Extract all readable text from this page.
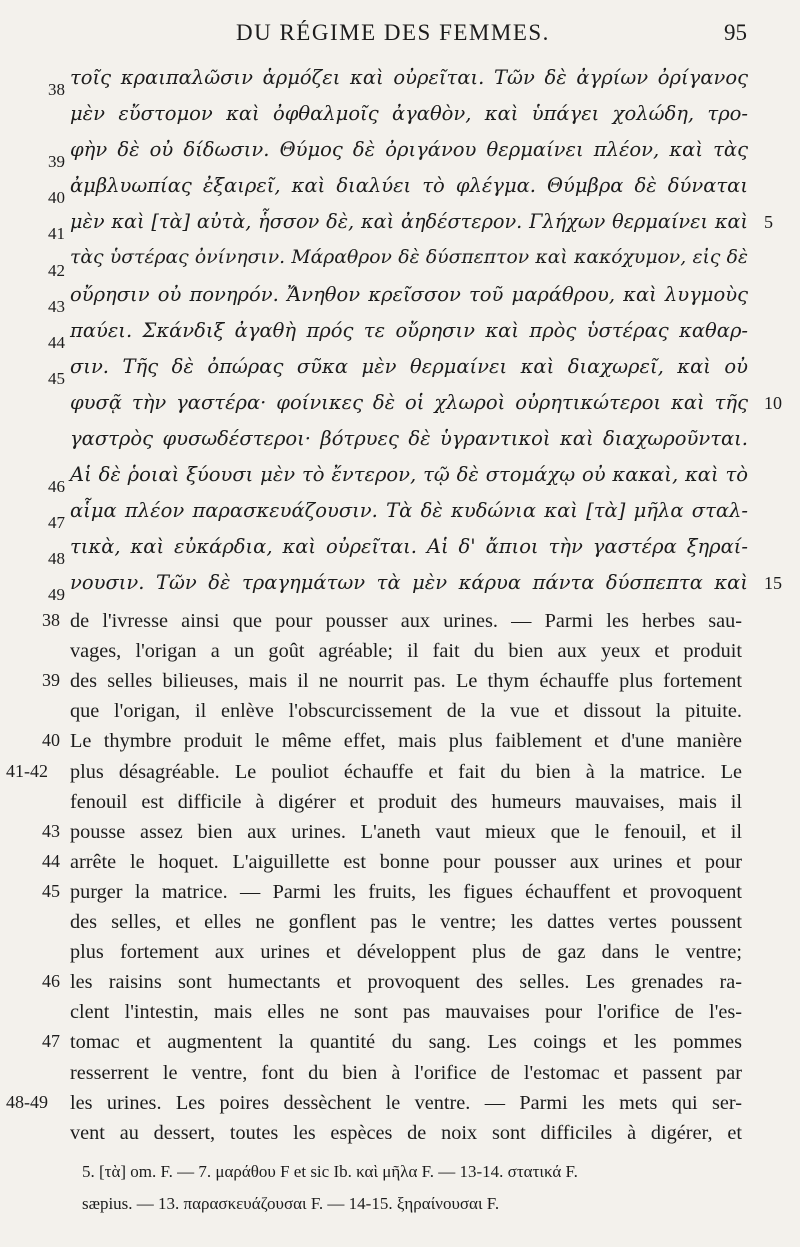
DU RÉGIME DES FEMMES.	95
38
τοῖς κραιπαλῶσιν ἁρμόζει καὶ οὐρεῖται. Τῶν δὲ ἀγρίων ὀρίγανος
μὲν εὔστομον καὶ ὀφθαλμοῖς ἀγαθὸν, καὶ ὑπάγει χολώδη, τρο-
39
φὴν δὲ οὐ δίδωσιν. Θύμος δὲ ὀριγάνου θερμαίνει πλέον, καὶ τὰς
40
ἀμβλυωπίας ἐξαιρεῖ, καὶ διαλύει τὸ φλέγμα. Θύμβρα δὲ δύναται
41
μὲν καὶ [τὰ] αὐτὰ, ἧσσον δὲ, καὶ ἀηδέστερον. Γλήχων θερμαίνει καὶ 5
42
τὰς ὑστέρας ὀνίνησιν. Μάραθρον δὲ δύσπεπτον καὶ κακόχυμον, εἰς δὲ
43
οὔρησιν οὐ πονηρόν. Ἄνηθον κρεῖσσον τοῦ μαράθρου, καὶ λυγμοὺς
44
παύει. Σκάνδιξ ἀγαθὴ πρός τε οὔρησιν καὶ πρὸς ὑστέρας καθαρ-
45
σιν. Τῆς δὲ ὀπώρας σῦκα μὲν θερμαίνει καὶ διαχωρεῖ, καὶ οὐ
φυσᾷ τὴν γαστέρα· φοίνικες δὲ οἱ χλωροὶ οὐρητικώτεροι καὶ τῆς 10
γαστρὸς φυσωδέστεροι· βότρυες δὲ ὑγραντικοὶ καὶ διαχωροῦνται.
46
Αἱ δὲ ῥοιαὶ ξύουσι μὲν τὸ ἔντερον, τῷ δὲ στομάχῳ οὐ κακαὶ, καὶ τὸ
47
αἷμα πλέον παρασκευάζουσιν. Τὰ δὲ κυδώνια καὶ [τὰ] μῆλα σταλ-
48
τικὰ, καὶ εὐκάρδια, καὶ οὐρεῖται. Αἱ δ' ἄπιοι τὴν γαστέρα ξηραί-
49
νουσιν. Τῶν δὲ τραγημάτων τὰ μὲν κάρυα πάντα δύσπεπτα καὶ 15
38 de l'ivresse ainsi que pour pousser aux urines. — Parmi les herbes sau-
vages, l'origan a un goût agréable; il fait du bien aux yeux et produit
39 des selles bilieuses, mais il ne nourrit pas. Le thym échauffe plus fortement
que l'origan, il enlève l'obscurcissement de la vue et dissout la pituite.
40 Le thymbre produit le même effet, mais plus faiblement et d'une manière
41-42 plus désagréable. Le pouliot échauffe et fait du bien à la matrice. Le
fenouil est difficile à digérer et produit des humeurs mauvaises, mais il
43 pousse assez bien aux urines. L'aneth vaut mieux que le fenouil, et il
44 arrête le hoquet. L'aiguillette est bonne pour pousser aux urines et pour
45 purger la matrice. — Parmi les fruits, les figues échauffent et provoquent
des selles, et elles ne gonflent pas le ventre; les dattes vertes poussent
plus fortement aux urines et développent plus de gaz dans le ventre;
46 les raisins sont humectants et provoquent des selles. Les grenades ra-
clent l'intestin, mais elles ne sont pas mauvaises pour l'orifice de l'es-
47 tomac et augmentent la quantité du sang. Les coings et les pommes
resserrent le ventre, font du bien à l'orifice de l'estomac et passent par
48-49 les urines. Les poires dessèchent le ventre. — Parmi les mets qui ser-
vent au dessert, toutes les espèces de noix sont difficiles à digérer, et
5. [τὰ] om. F. — 7. μαράθου F et sic Ib. καὶ μῆλα F. — 13-14. στατικά F.
sæpius. — 13. παρασκευάζουσαι F. — 14-15. ξηραίνουσαι F.
